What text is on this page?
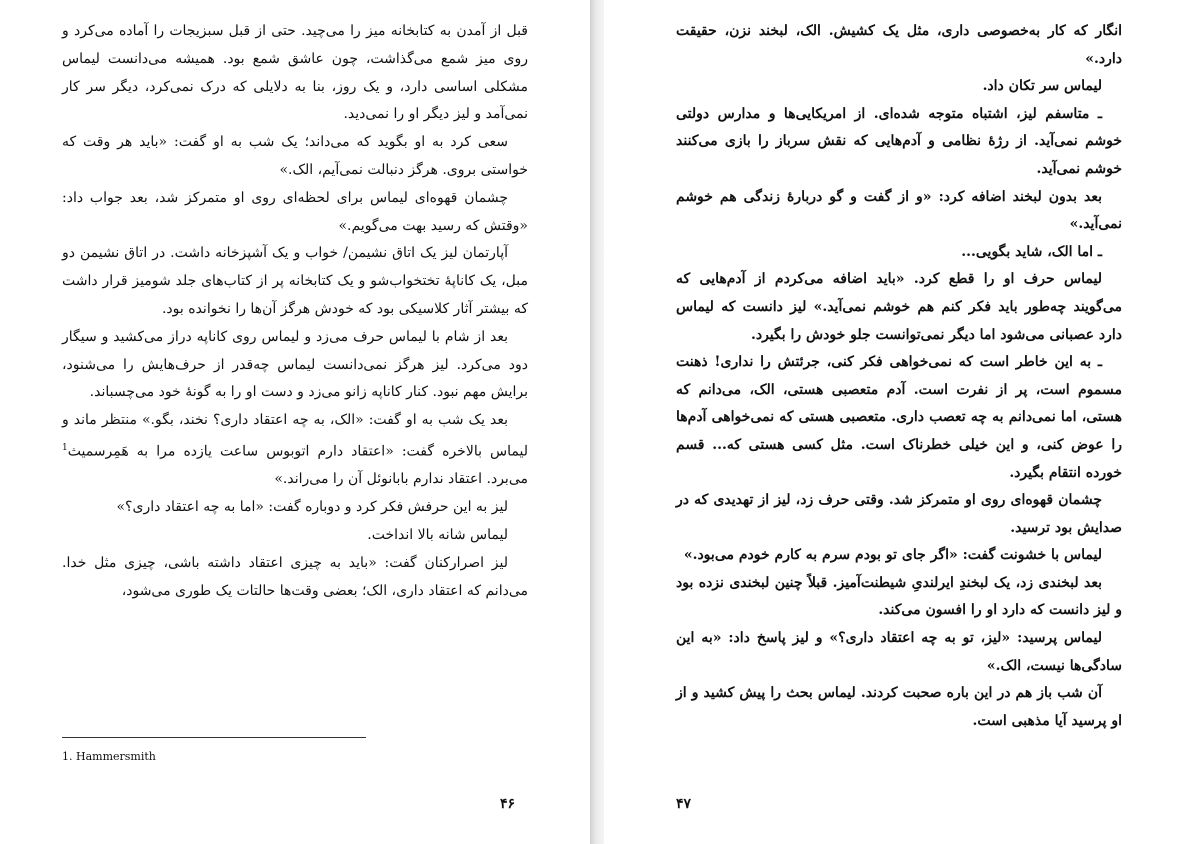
قبل از آمدن به کتابخانه میز را می‌چید. حتی از قبل سبزیجات را آماده می‌کرد و روی میز شمع می‌گذاشت، چون عاشق شمع بود. همیشه می‌دانست لیماس مشکلی اساسی دارد، و یک روز، بنا به دلایلی که درک نمی‌کرد، دیگر سر کار نمی‌آمد و لیز دیگر او را نمی‌دید.

سعی کرد به او بگوید که می‌داند؛ یک شب به او گفت: «باید هر وقت که خواستی بروی. هرگز دنبالت نمی‌آیم، الک.»

چشمان قهوه‌ای لیماس برای لحظه‌ای روی او متمرکز شد، بعد جواب داد: «وقتش که رسید بهت می‌گویم.»

آپارتمان لیز یک اتاق نشیمن/ خواب و یک آشپزخانه داشت. در اتاق نشیمن دو مبل، یک کاناپهٔ تختخواب‌شو و یک کتابخانه پر از کتاب‌های جلد شومیز قرار داشت که بیشتر آثار کلاسیکی بود که خودش هرگز آن‌ها را نخوانده بود.

بعد از شام با لیماس حرف می‌زد و لیماس روی کاناپه دراز می‌کشید و سیگار دود می‌کرد. لیز هرگز نمی‌دانست لیماس چه‌قدر از حرف‌هایش را می‌شنود، برایش مهم نبود. کنار کاناپه زانو می‌زد و دست او را به گونهٔ خود می‌چسباند.

بعد یک شب به او گفت: «الک، به چه اعتقاد داری؟ نخند، بگو.» منتظر ماند و لیماس بالاخره گفت: «اعتقاد دارم اتوبوس ساعت یازده مرا به هَمِرسمیث$^1$ می‌برد. اعتقاد ندارم بابانوئل آن را می‌راند.»

لیز به این حرفش فکر کرد و دوباره گفت: «اما به چه اعتقاد داری؟»

لیماس شانه بالا انداخت.

لیز اصرارکنان گفت: «باید به چیزی اعتقاد داشته باشی، چیزی مثل خدا. می‌دانم که اعتقاد داری، الک؛ بعضی وقت‌ها حالتات یک طوری می‌شود،

1. Hammersmith
۴۶

انگار که کار به‌خصوصی داری، مثل یک کشیش. الک، لبخند نزن، حقیقت دارد.»

لیماس سر تکان داد.

ـ متاسفم لیز، اشتباه متوجه شده‌ای. از امریکایی‌ها و مدارس دولتی خوشم نمی‌آید. از رژهٔ نظامی و آدم‌هایی که نقش سرباز را بازی می‌کنند خوشم نمی‌آید.

بعد بدون لبخند اضافه کرد: «و از گفت و گو دربارهٔ زندگی هم خوشم نمی‌آید.»

ـ اما الک، شاید بگویی...

لیماس حرف او را قطع کرد. «باید اضافه می‌کردم از آدم‌هایی که می‌گویند چه‌طور باید فکر کنم هم خوشم نمی‌آید.» لیز دانست که لیماس دارد عصبانی می‌شود اما دیگر نمی‌توانست جلو خودش را بگیرد.

ـ به این خاطر است که نمی‌خواهی فکر کنی، جرئتش را نداری! ذهنت مسموم است، پر از نفرت است. آدم متعصبی هستی، الک، می‌دانم که هستی، اما نمی‌دانم به چه تعصب داری. متعصبی هستی که نمی‌خواهی آدم‌ها را عوض کنی، و این خیلی خطرناک است. مثل کسی هستی که... قسم خورده انتقام بگیرد.

چشمان قهوه‌ای روی او متمرکز شد. وقتی حرف زد، لیز از تهدیدی که در صدایش بود ترسید.

لیماس با خشونت گفت: «اگر جای تو بودم سرم به کارم خودم می‌بود.»

بعد لبخندی زد، یک لبخندِ ایرلندیِ شیطنت‌آمیز. قبلاً چنین لبخندی نزده بود و لیز دانست که دارد او را افسون می‌کند.

لیماس پرسید: «لیز، تو به چه اعتقاد داری؟» و لیز پاسخ داد: «به این سادگی‌ها نیست، الک.»

آن شب باز هم در این باره صحبت کردند. لیماس بحث را پیش کشید و از او پرسید آیا مذهبی است.

۴۷
